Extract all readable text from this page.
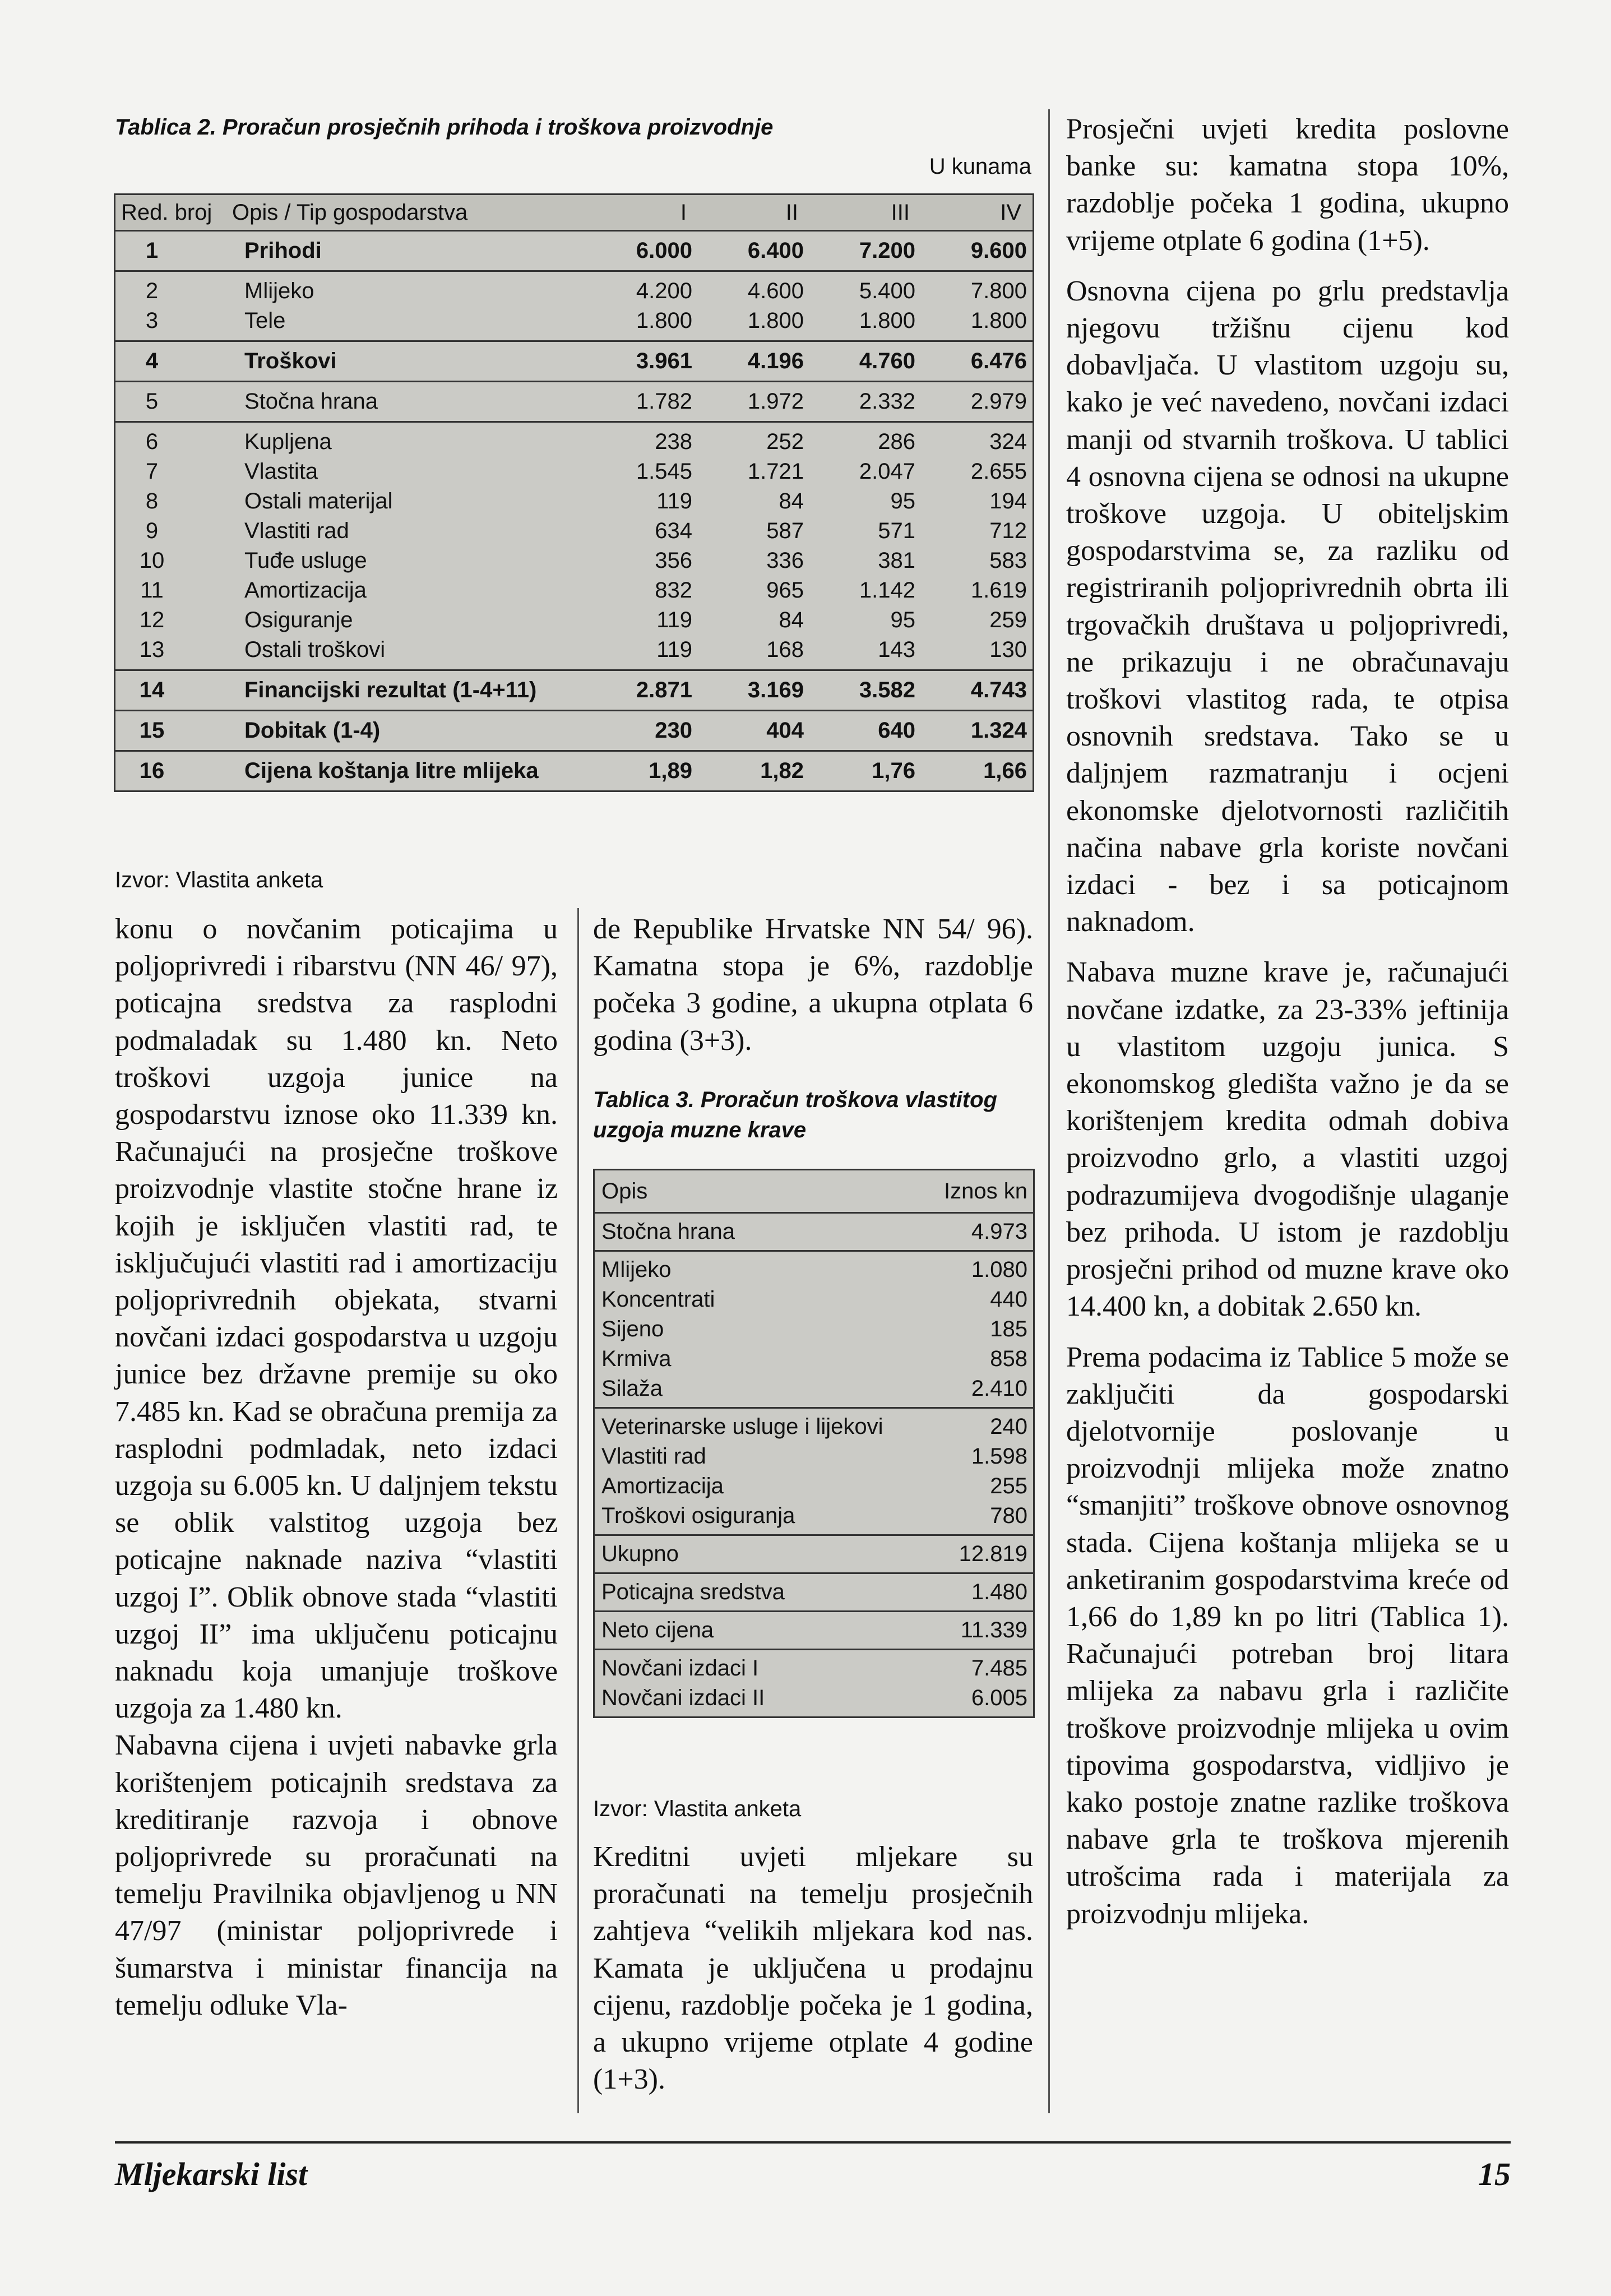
Tablica 2. Proračun prosječnih prihoda i troškova proizvodnje
U kunama
Red. broj Opis / Tip gospodarstva	I	II	III	IV
1	Prihodi	6.000	6.400	7.200	9.600
2	Mlijeko	4.200	4.600	5.400	7.800
3	Tele	1.800	1.800	1.800	1.800
4	Troškovi	3.961	4.196	4.760	6.476
5	Stočna hrana	1.782	1.972	2.332	2.979
6	Kupljena	238	252	286	324
7	Vlastita	1.545	1.721	2.047	2.655
8	Ostali materijal	119	84	95	194
9	Vlastiti rad	634	587	571	712
10	Tuđe usluge	356	336	381	583
11	Amortizacija	832	965	1.142	1.619
12	Osiguranje	119	84	95	259
13	Ostali troškovi	119	168	143	130
14	Financijski rezultat (1-4+11)	2.871	3.169	3.582	4.743
15	Dobitak (1-4)	230	404	640	1.324
16	Cijena koštanja litre mlijeka	1,89	1,82	1,76	1,66
Izvor: Vlastita anketa

konu o novčanim poticajima u poljoprivredi i ribarstvu (NN 46/ 97), poticajna sredstva za rasplodni podmaladak su 1.480 kn. Neto troškovi uzgoja junice na gospodarstvu iznose oko 11.339 kn. Računajući na prosječne troškove proizvodnje vlastite stočne hrane iz kojih je isključen vlastiti rad, te isključujući vlastiti rad i amortizaciju poljoprivrednih objekata, stvarni novčani izdaci gospodarstva u uzgoju junice bez državne premije su oko 7.485 kn. Kad se obračuna premija za rasplodni podmladak, neto izdaci uzgoja su 6.005 kn. U daljnjem tekstu se oblik valstitog uzgoja bez poticajne naknade naziva “vlastiti uzgoj I”. Oblik obnove stada “vlastiti uzgoj II” ima uključenu poticajnu naknadu koja umanjuje troškove uzgoja za 1.480 kn.

Nabavna cijena i uvjeti nabavke grla korištenjem poticajnih sredstava za kreditiranje razvoja i obnove poljoprivrede su proračunati na temelju Pravilnika objavljenog u NN 47/97 (ministar poljoprivrede i šumarstva i ministar financija na temelju odluke Vla-

de Republike Hrvatske NN 54/ 96). Kamatna stopa je 6%, razdoblje počeka 3 godine, a ukupna otplata 6 godina (3+3).

Tablica 3. Proračun troškova vlastitog uzgoja muzne krave
Opis	Iznos kn
Stočna hrana	4.973
Mlijeko	1.080
Koncentrati	440
Sijeno	185
Krmiva	858
Silaža	2.410
Veterinarske usluge i lijekovi	240
Vlastiti rad	1.598
Amortizacija	255
Troškovi osiguranja	780
Ukupno	12.819
Poticajna sredstva	1.480
Neto cijena	11.339
Novčani izdaci I	7.485
Novčani izdaci II	6.005
Izvor: Vlastita anketa

Kreditni uvjeti mljekare su proračunati na temelju prosječnih zahtjeva “velikih mljekara kod nas. Kamata je uključena u prodajnu cijenu, razdoblje počeka je 1 godina, a ukupno vrijeme otplate 4 godine (1+3).

Prosječni uvjeti kredita poslovne banke su: kamatna stopa 10%, razdoblje počeka 1 godina, ukupno vrijeme otplate 6 godina (1+5).

Osnovna cijena po grlu predstavlja njegovu tržišnu cijenu kod dobavljača. U vlastitom uzgoju su, kako je već navedeno, novčani izdaci manji od stvarnih troškova. U tablici 4 osnovna cijena se odnosi na ukupne troškove uzgoja. U obiteljskim gospodarstvima se, za razliku od registriranih poljoprivrednih obrta ili trgovačkih društava u poljoprivredi, ne prikazuju i ne obračunavaju troškovi vlastitog rada, te otpisa osnovnih sredstava. Tako se u daljnjem razmatranju i ocjeni ekonomske djelotvornosti različitih načina nabave grla koriste novčani izdaci - bez i sa poticajnom naknadom.

Nabava muzne krave je, računajući novčane izdatke, za 23-33% jeftinija u vlastitom uzgoju junica. S ekonomskog gledišta važno je da se korištenjem kredita odmah dobiva proizvodno grlo, a vlastiti uzgoj podrazumijeva dvogodišnje ulaganje bez prihoda. U istom je razdoblju prosječni prihod od muzne krave oko 14.400 kn, a dobitak 2.650 kn.

Prema podacima iz Tablice 5 može se zaključiti da gospodarski djelotvornije poslovanje u proizvodnji mlijeka može znatno “smanjiti” troškove obnove osnovnog stada. Cijena koštanja mlijeka se u anketiranim gospodarstvima kreće od 1,66 do 1,89 kn po litri (Tablica 1). Računajući potreban broj litara mlijeka za nabavu grla i različite troškove proizvodnje mlijeka u ovim tipovima gospodarstva, vidljivo je kako postoje znatne razlike troškova nabave grla te troškova mjerenih utrošcima rada i materijala za proizvodnju mlijeka.

Mljekarski list	15
